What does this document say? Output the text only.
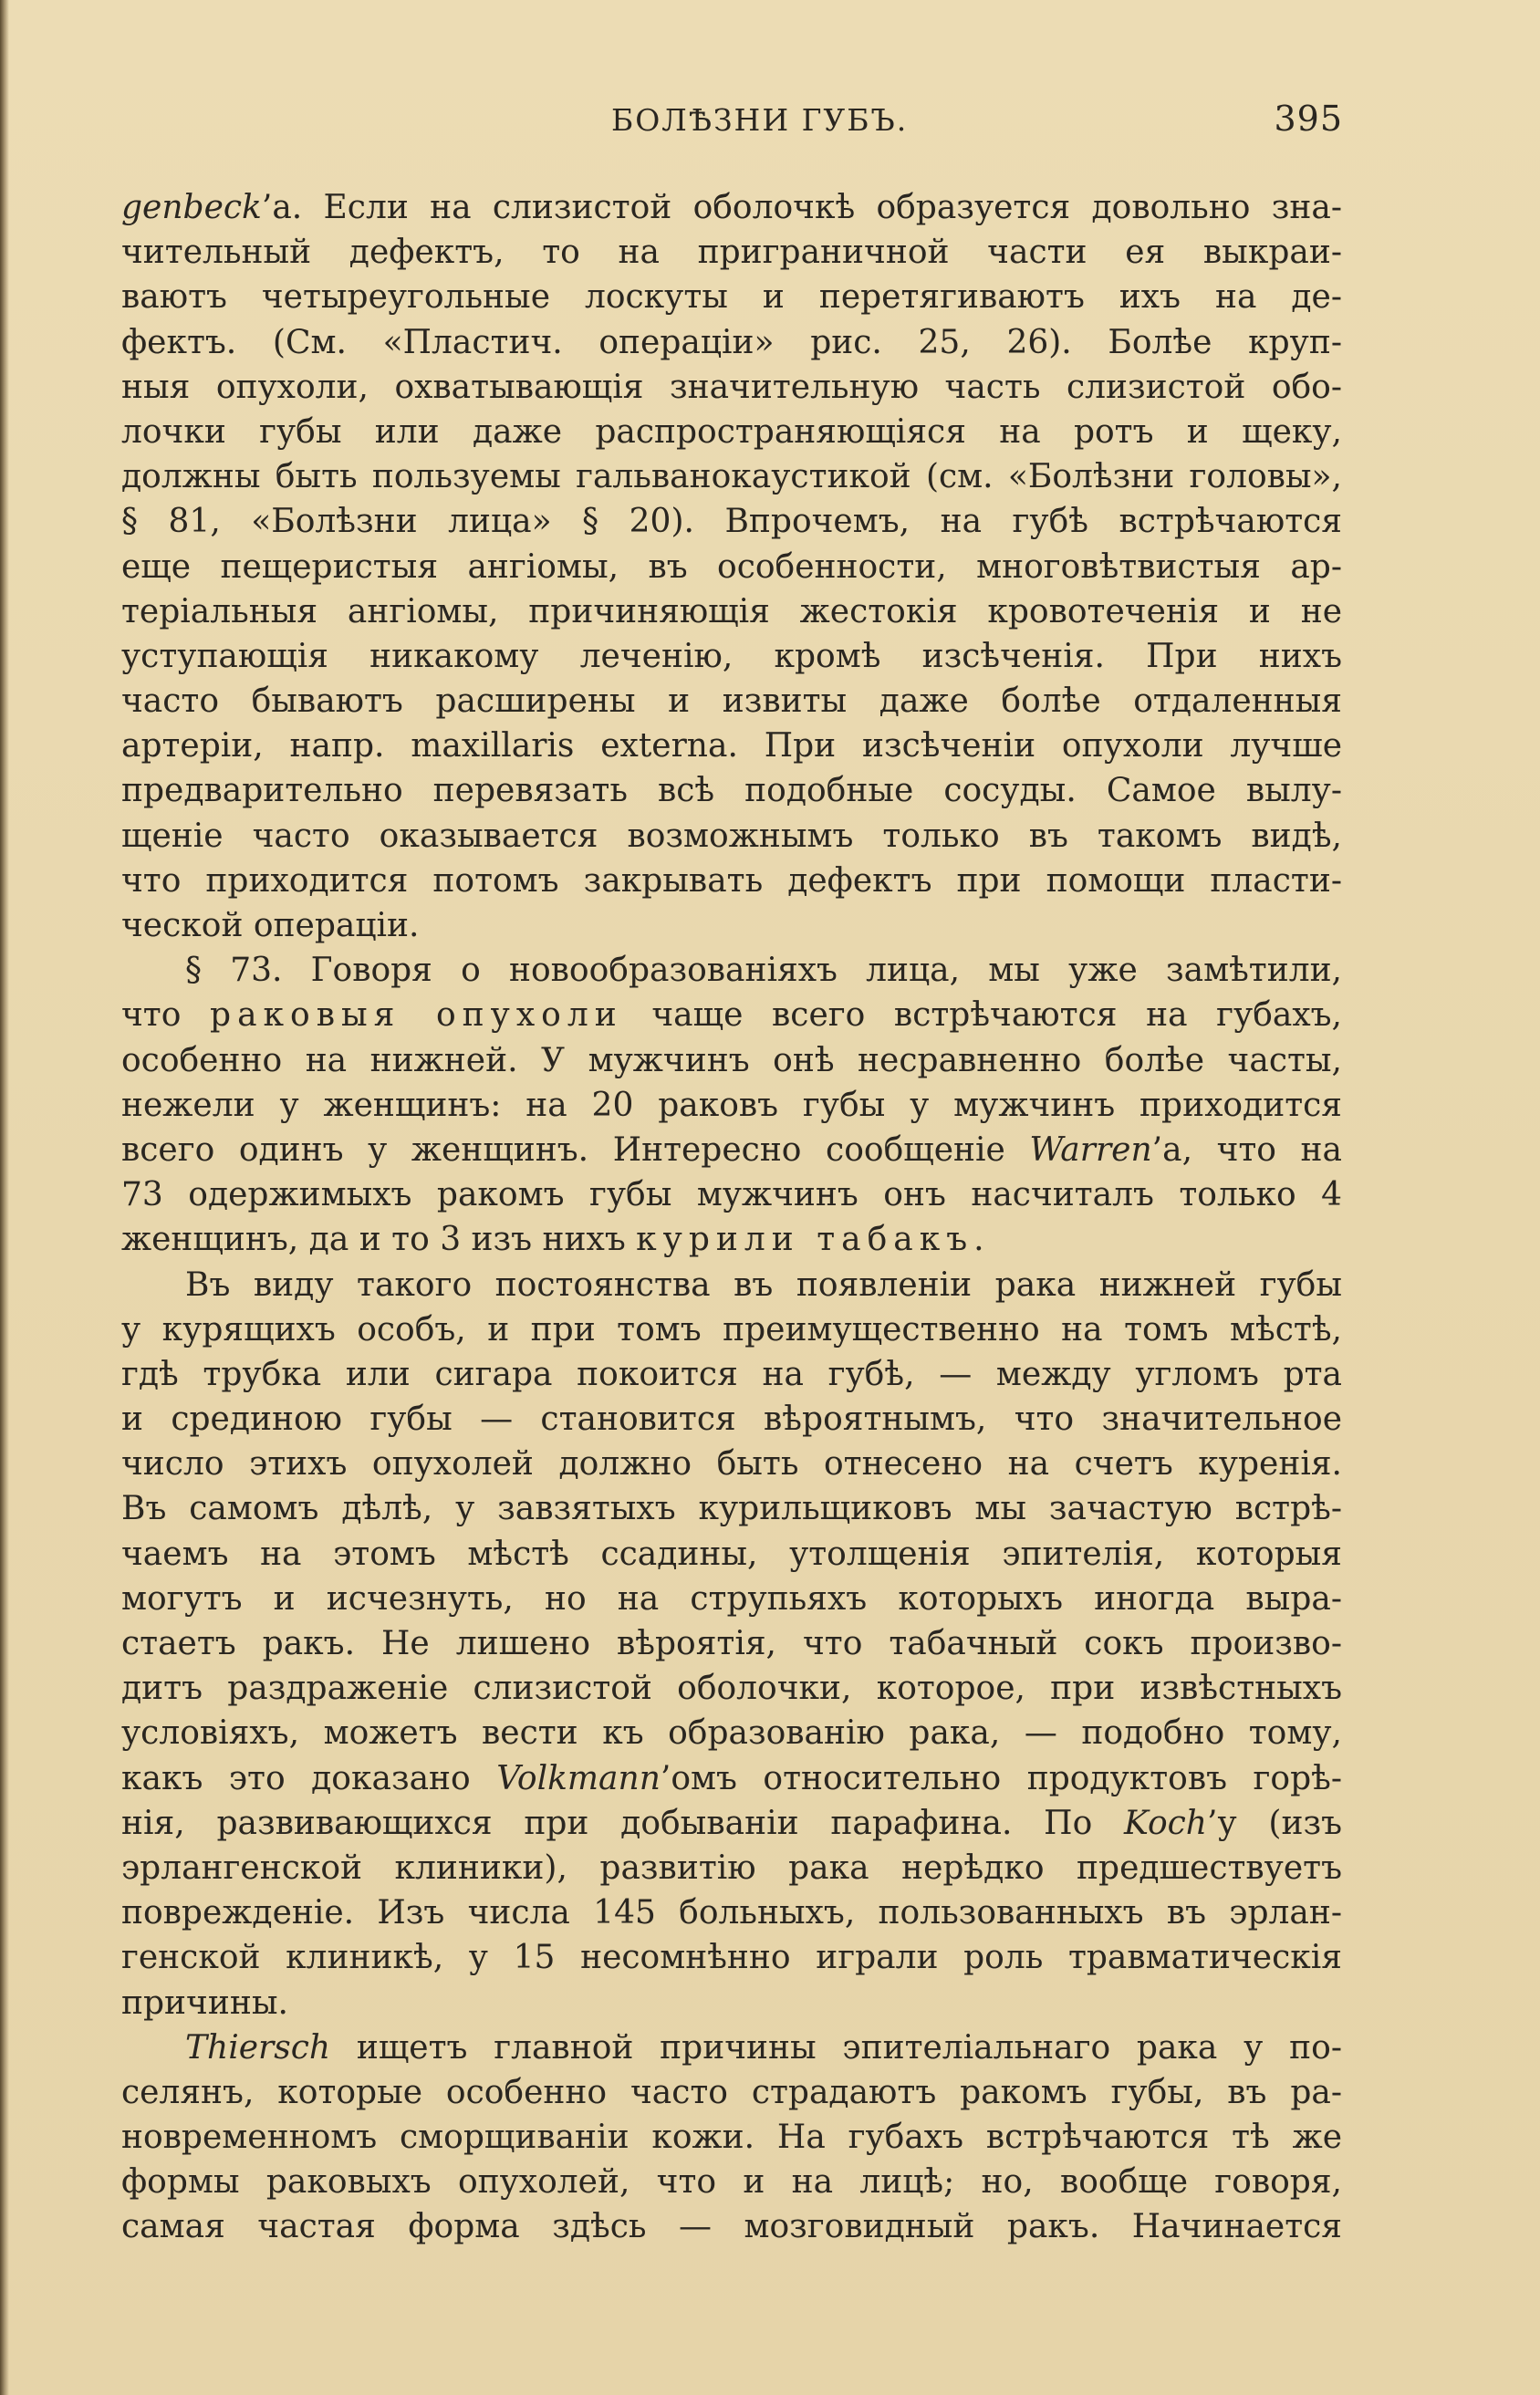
БОЛѢЗНИ ГУБЪ.	395
genbeck’а. Если на слизистой оболочкѣ образуется довольно зна-
чительный дефектъ, то на приграничной части ея выкраи-
ваютъ четыреугольные лоскуты и перетягиваютъ ихъ на де-
фектъ. (См. «Пластич. операціи» рис. 25, 26). Болѣе круп-
ныя опухоли, охватывающія значительную часть слизистой обо-
лочки губы или даже распространяющіяся на ротъ и щеку,
должны быть пользуемы гальванокаустикой (см. «Болѣзни головы»,
§ 81, «Болѣзни лица» § 20). Впрочемъ, на губѣ встрѣчаются
еще пещеристыя ангіомы, въ особенности, многовѣтвистыя ар-
теріальныя ангіомы, причиняющія жестокія кровотеченія и не
уступающія никакому леченію, кромѣ изсѣченія. При нихъ
часто бываютъ расширены и извиты даже болѣе отдаленныя
артеріи, напр. maxillaris externa. При изсѣченіи опухоли лучше
предварительно перевязать всѣ подобные сосуды. Самое вылу-
щеніе часто оказывается возможнымъ только въ такомъ видѣ,
что приходится потомъ закрывать дефектъ при помощи пласти-
ческой операціи.
§ 73. Говоря о новообразованіяхъ лица, мы уже замѣтили,
что раковыя опухоли чаще всего встрѣчаются на губахъ,
особенно на нижней. У мужчинъ онѣ несравненно болѣе часты,
нежели у женщинъ: на 20 раковъ губы у мужчинъ приходится
всего одинъ у женщинъ. Интересно сообщеніе Warren’а, что на
73 одержимыхъ ракомъ губы мужчинъ онъ насчиталъ только 4
женщинъ, да и то 3 изъ нихъ курили табакъ.
Въ виду такого постоянства въ появленіи рака нижней губы
у курящихъ особъ, и при томъ преимущественно на томъ мѣстѣ,
гдѣ трубка или сигара покоится на губѣ, — между угломъ рта
и срединою губы — становится вѣроятнымъ, что значительное
число этихъ опухолей должно быть отнесено на счетъ куренія.
Въ самомъ дѣлѣ, у завзятыхъ курильщиковъ мы зачастую встрѣ-
чаемъ на этомъ мѣстѣ ссадины, утолщенія эпителія, которыя
могутъ и исчезнуть, но на струпьяхъ которыхъ иногда выра-
стаетъ ракъ. Не лишено вѣроятія, что табачный сокъ произво-
дитъ раздраженіе слизистой оболочки, которое, при извѣстныхъ
условіяхъ, можетъ вести къ образованію рака, — подобно тому,
какъ это доказано Volkmann’омъ относительно продуктовъ горѣ-
нія, развивающихся при добываніи парафина. По Koch’у (изъ
эрлангенской клиники), развитію рака нерѣдко предшествуетъ
поврежденіе. Изъ числа 145 больныхъ, пользованныхъ въ эрлан-
генской клиникѣ, у 15 несомнѣнно играли роль травматическія
причины.
Thiersch ищетъ главной причины эпителіальнаго рака у по-
селянъ, которые особенно часто страдаютъ ракомъ губы, въ ра-
новременномъ сморщиваніи кожи. На губахъ встрѣчаются тѣ же
формы раковыхъ опухолей, что и на лицѣ; но, вообще говоря,
самая частая форма здѣсь — мозговидный ракъ. Начинается
